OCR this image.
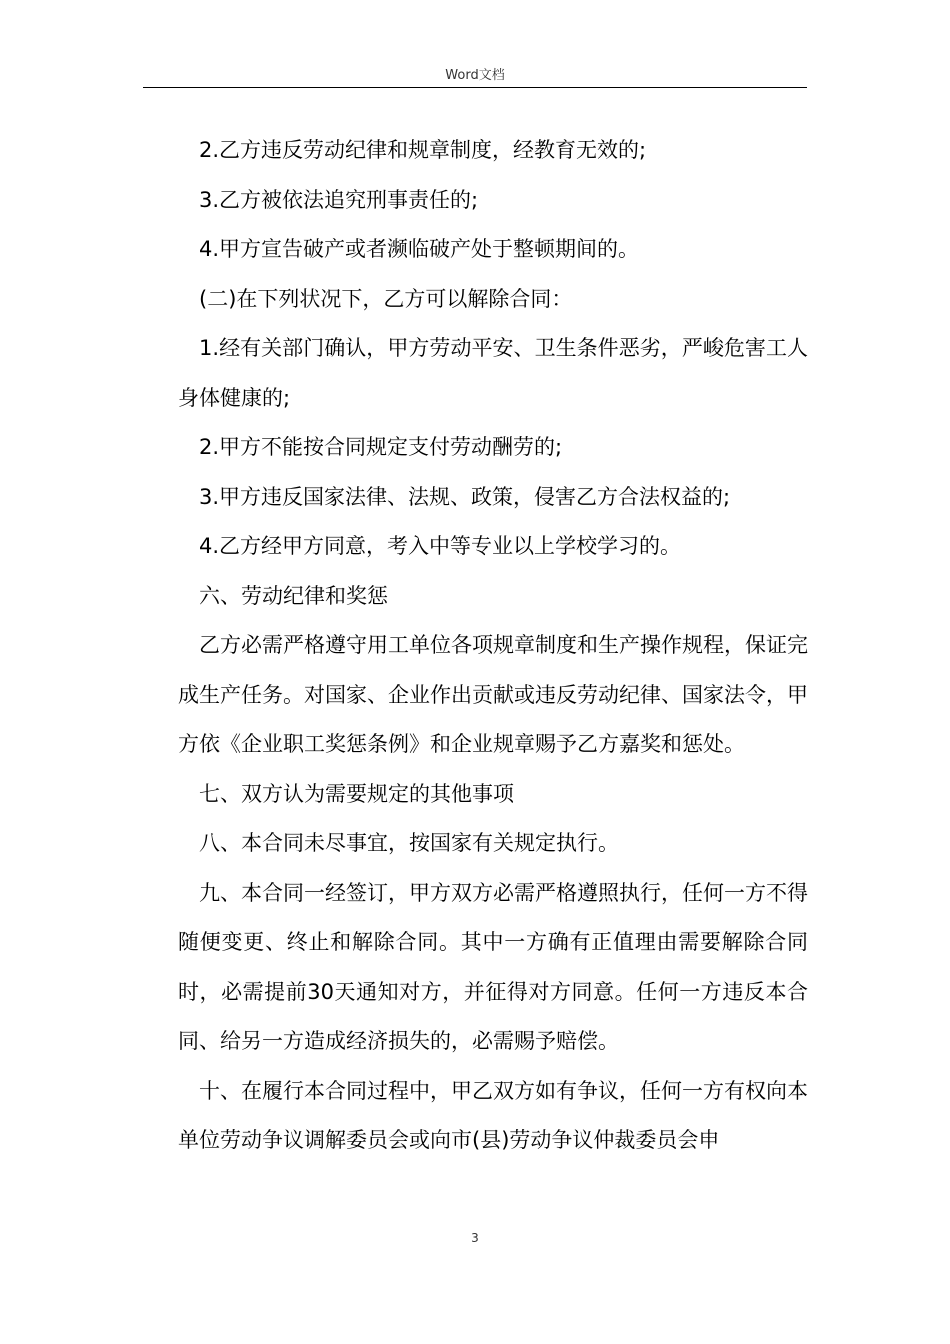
Word文档

2.乙方违反劳动纪律和规章制度，经教育无效的;

3.乙方被依法追究刑事责任的;

4.甲方宣告破产或者濒临破产处于整顿期间的。

(二)在下列状况下，乙方可以解除合同：

1.经有关部门确认，甲方劳动平安、卫生条件恶劣，严峻危害工人身体健康的;

2.甲方不能按合同规定支付劳动酬劳的;

3.甲方违反国家法律、法规、政策，侵害乙方合法权益的;

4.乙方经甲方同意，考入中等专业以上学校学习的。

六、劳动纪律和奖惩

乙方必需严格遵守用工单位各项规章制度和生产操作规程，保证完成生产任务。对国家、企业作出贡献或违反劳动纪律、国家法令，甲方依《企业职工奖惩条例》和企业规章赐予乙方嘉奖和惩处。

七、双方认为需要规定的其他事项

八、本合同未尽事宜，按国家有关规定执行。

九、本合同一经签订，甲方双方必需严格遵照执行，任何一方不得随便变更、终止和解除合同。其中一方确有正值理由需要解除合同时，必需提前30天通知对方，并征得对方同意。任何一方违反本合同、给另一方造成经济损失的，必需赐予赔偿。

十、在履行本合同过程中，甲乙双方如有争议，任何一方有权向本单位劳动争议调解委员会或向市(县)劳动争议仲裁委员会申

3
